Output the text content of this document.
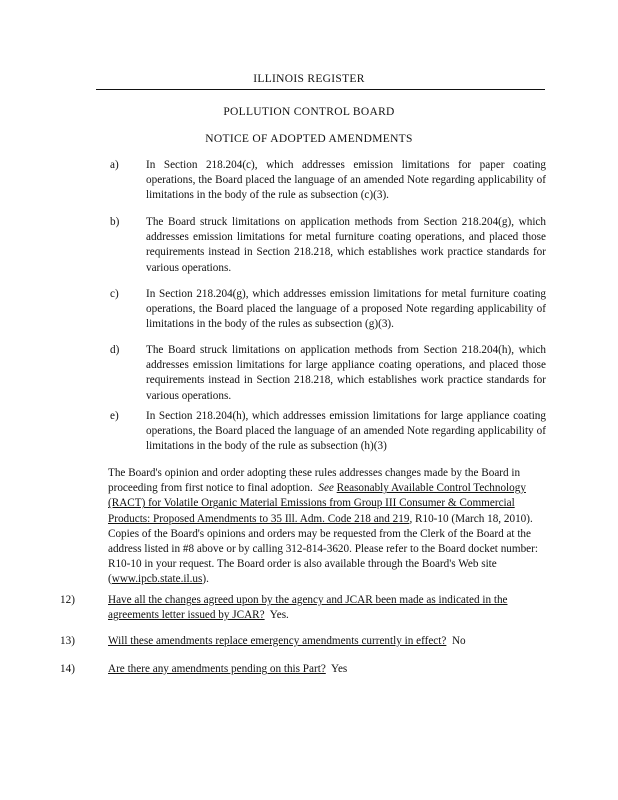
ILLINOIS REGISTER
POLLUTION CONTROL BOARD
NOTICE OF ADOPTED AMENDMENTS
a) In Section 218.204(c), which addresses emission limitations for paper coating operations, the Board placed the language of an amended Note regarding applicability of limitations in the body of the rule as subsection (c)(3).
b) The Board struck limitations on application methods from Section 218.204(g), which addresses emission limitations for metal furniture coating operations, and placed those requirements instead in Section 218.218, which establishes work practice standards for various operations.
c) In Section 218.204(g), which addresses emission limitations for metal furniture coating operations, the Board placed the language of a proposed Note regarding applicability of limitations in the body of the rules as subsection (g)(3).
d) The Board struck limitations on application methods from Section 218.204(h), which addresses emission limitations for large appliance coating operations, and placed those requirements instead in Section 218.218, which establishes work practice standards for various operations.
e) In Section 218.204(h), which addresses emission limitations for large appliance coating operations, the Board placed the language of an amended Note regarding applicability of limitations in the body of the rule as subsection (h)(3)
The Board's opinion and order adopting these rules addresses changes made by the Board in proceeding from first notice to final adoption. See Reasonably Available Control Technology (RACT) for Volatile Organic Material Emissions from Group III Consumer & Commercial Products: Proposed Amendments to 35 Ill. Adm. Code 218 and 219, R10-10 (March 18, 2010). Copies of the Board's opinions and orders may be requested from the Clerk of the Board at the address listed in #8 above or by calling 312-814-3620. Please refer to the Board docket number: R10-10 in your request. The Board order is also available through the Board's Web site (www.ipcb.state.il.us).
12)	Have all the changes agreed upon by the agency and JCAR been made as indicated in the agreements letter issued by JCAR? Yes.
13)	Will these amendments replace emergency amendments currently in effect? No
14)	Are there any amendments pending on this Part? Yes
